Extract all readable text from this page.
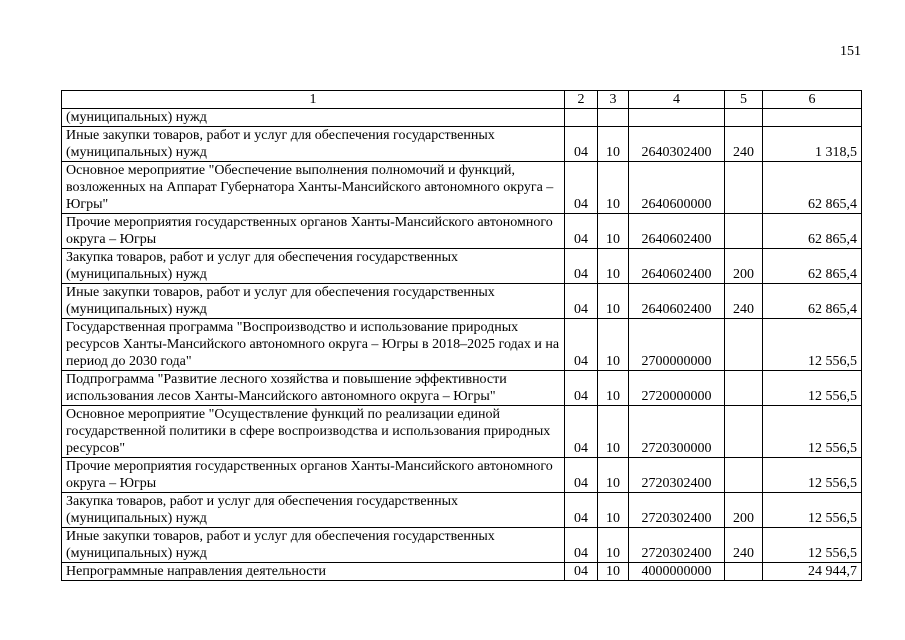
151
1	2	3	4	5	6
(муниципальных) нужд					
Иные закупки товаров, работ и услуг для обеспечения государственных (муниципальных) нужд	04	10	2640302400	240	1 318,5
Основное мероприятие "Обеспечение выполнения полномочий и функций, возложенных на Аппарат Губернатора Ханты-Мансийского автономного округа – Югры"	04	10	2640600000		62 865,4
Прочие мероприятия государственных органов Ханты-Мансийского автономного округа – Югры	04	10	2640602400		62 865,4
Закупка товаров, работ и услуг для обеспечения государственных (муниципальных) нужд	04	10	2640602400	200	62 865,4
Иные закупки товаров, работ и услуг для обеспечения государственных (муниципальных) нужд	04	10	2640602400	240	62 865,4
Государственная программа "Воспроизводство и использование природных ресурсов Ханты-Мансийского автономного округа – Югры в 2018–2025 годах и на период до 2030 года"	04	10	2700000000		12 556,5
Подпрограмма "Развитие лесного хозяйства и повышение эффективности использования лесов Ханты-Мансийского автономного округа – Югры"	04	10	2720000000		12 556,5
Основное мероприятие "Осуществление функций по реализации единой государственной политики в сфере воспроизводства и использования природных ресурсов"	04	10	2720300000		12 556,5
Прочие мероприятия государственных органов Ханты-Мансийского автономного округа – Югры	04	10	2720302400		12 556,5
Закупка товаров, работ и услуг для обеспечения государственных (муниципальных) нужд	04	10	2720302400	200	12 556,5
Иные закупки товаров, работ и услуг для обеспечения государственных (муниципальных) нужд	04	10	2720302400	240	12 556,5
Непрограммные направления деятельности	04	10	4000000000		24 944,7
